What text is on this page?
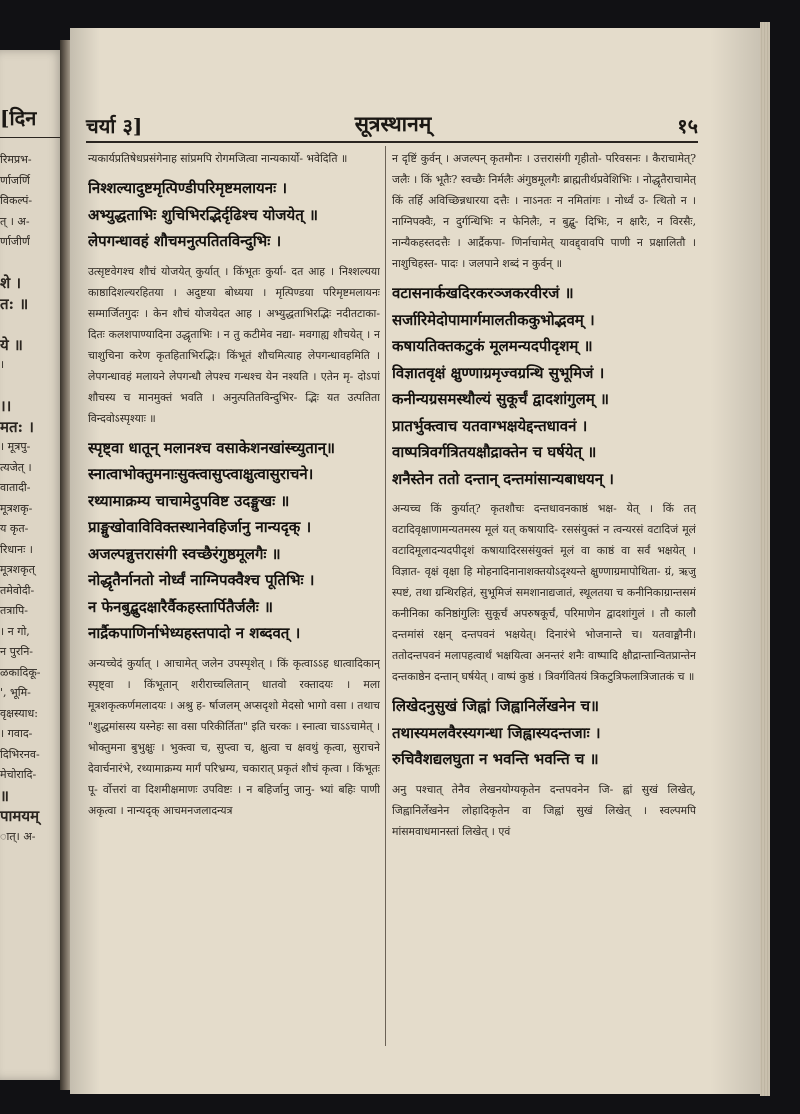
[दिन
रिमप्रभ-
र्णाजर्णि
विकल्पं-
त् । अ-
र्णाजीर्णं
शे ।
त: ॥
ये ॥
।
।।
मत: ।
। मूत्रपु-
त्यजेत् ।
वातादी-
मूत्रशकृ-
य कृत-
रिधानः ।
मूत्रशकृत्
तमेवोदी-
तत्रापि-
। न गो,
न पुरनि-
ळकादिकू-
', भूमि-
वृक्षस्याध:
। गवाद-
दिभिरनव-
मेचोरादि-
॥
पामयम्
ात्। अ-
चर्या ३]	सूत्रस्थानम्	१५

न्यकार्यप्रतिषेधप्रसंगेनाह सांप्रमपि रोगमजित्वा नान्यकार्यो- भवेदिति ॥

निश्शल्यादुष्टमृत्पिण्डीपरिमृष्टमलायनः ।
अभ्युद्धताभिः शुचिभिरद्भिर्दृढिश्च योजयेत् ॥
लेपगन्धावहं शौचमनुत्पतितविन्दुभिः ।

उत्सृष्टवेगश्च शौचं योजयेत् कुर्यात् । किंभूतः कुर्या- दत आह । निश्शल्यया काष्ठादिशल्यरहितया । अदुष्टया बोध्यया । मृत्पिण्डया परिमृष्टमलायनः सम्मार्जितगुदः । केन शौचं योजयेदत आह । अभ्युद्धताभिरद्भिः नदीतटाका- दितः कलशपाण्यादिना उद्धृताभिः । न तु कटीमेव नद्या- मवगाह्य शौचयेत् । न चाशुचिना करेण कृतहिताभिरद्भिः। किंभूतं शौचमित्याह लेपगन्धावहमिति । लेपगन्धावहं मलायने लेपगन्धौ लेपश्च गन्धश्च येन नश्यति । एतेन मृ- दोऽपां शौचस्य च मानमुक्तं भवति । अनुत्पतितविन्दुभिर- द्भिः यत उत्पतिता विन्दवोऽस्पृश्याः ॥

स्पृष्ट्वा धातून् मलानश्च वसाकेशनखांस्च्युतान्॥
स्नात्वाभोक्तुमनाःसुक्त्वासुप्त्वाक्षुत्वासुराचने।
रथ्यामाक्रम्य चाचामेदुपविष्ट उदङ्मुखः ॥
प्राङ्मुखोवाविविक्तस्थानेवहिर्जानु नान्यदृक् ।
अजल्पन्नुत्तरासंगी स्वच्छैरंगुष्ठमूलगैः ॥
नोद्धृतैर्नानतो नोर्ध्वं नाग्निपक्वैश्च पूतिभिः ।
न फेनबुद्बुदक्षारैर्वैकहस्तार्पितैर्जलैः ॥
नार्द्रैकपाणिर्नाभेध्यहस्तपादो न शब्दवत् ।

अन्यच्चेदं कुर्यात् । आचामेत् जलेन उपस्पृशेत् । किं कृत्वाऽऽह धात्वादिकान् स्पृष्ट्वा । किंभूतान् शरीराच्चलितान् धातवो रक्तादयः । मला मूत्रशकृत्कर्णमलादयः । अश्रु ह- र्षाजलम् अप्सदृशो मेदसो भागो वसा । तथाच "शुद्धमांसस्य यस्नेहः सा वसा परिकीर्तिता" इति चरकः । स्नात्वा चाऽऽचामेत् । भोक्तुमना बुभुक्षुः । भुक्त्वा च, सुप्त्वा च, क्षुत्वा च क्षवथुं कृत्वा, सुराचने देवार्चनारंभे, रथ्यामाक्रम्य मार्गं परिभ्रम्य, चकारात् प्रकृतं शौचं कृत्वा । किंभूतः पू- र्वोत्तरां वा दिशमीक्षमाणः उपविष्टः । न बहिर्जानु जानु- भ्यां बहिः पाणी अकृत्वा । नान्यदृक् आचमनजलादन्यत्र

न दृष्टिं कुर्वन् । अजल्पन् कृतमौनः । उत्तरासंगी गृहीतो- परिवसनः । कैराचामेत्? जलैः । किं भूतैः? स्वच्छैः निर्मलैः अंगुष्ठमूलगैः ब्राह्मतीर्थप्रवेशिभिः । नोद्धृतैराचामेत् किं तर्हि अविच्छिन्नधारया दत्तैः । नाऽनतः न नमितांगः । नोर्ध्वं उ- त्थितो न । नाग्निपक्वैः, न दुर्गन्धिभिः न फेनिलैः, न बुद्बु- दिभिः, न क्षारैः, न विरसैः, नान्यैकहस्तदत्तैः । आर्द्रैकपा- णिर्नाचामेत् यावद्द्वावपि पाणी न प्रक्षालितौ । नाशुचिहस्त- पादः । जलपाने शब्दं न कुर्वन् ॥

वटासनार्कखदिरकरञ्जकरवीरजं ॥
सर्जारिमेदाेपामार्गमालतीककुभोद्भवम् ।
कषायतिक्तकटुकं मूलमन्यदपीदृशम् ॥
विज्ञातवृक्षं क्षुण्णाग्रमृज्वग्रन्थि सुभूमिजं ।
कनीन्यग्रसमस्थौल्यं सुकूर्चं द्वादशांगुलम् ॥
प्रातर्भुक्त्वाच यतवाग्भक्षयेद्दन्तधावनं ।
वाष्पत्रिवर्गत्रितयक्षौद्राक्तेन च घर्षयेत् ॥
शनैस्तेन ततो दन्तान् दन्तमांसान्यबाधयन् ।

अन्यच्च किं कुर्यात्? कृतशौचः दन्तधावनकाष्ठं भक्ष- येत् । किं तत् वटादिवृक्षाणामन्यतमस्य मूलं यत् कषायादि- रससंयुक्तं न त्वन्यरसं वटादिजं मूलं वटादिमूलादन्यदपीदृशं कषायादिरससंयुक्तं मूलं वा काष्ठं वा सर्वं भक्षयेत् । विज्ञात- वृक्षं वृक्षा हि मोहनादिनानाशक्तयोऽदृश्यन्ते क्षुण्णाग्रमापोथिता- ग्रं, ऋजु स्पष्टं, तथा ग्रन्थिरहितं, सुभूमिजं समशानाद्यजातं, स्थूलतया च कनीनिकाग्रान्तसमं कनीनिका कनिष्ठांगुलिः सुकूर्चं अपरुषकूर्चं, परिमाणेन द्वादशांगुलं । तौ कालौ दन्तमांसं रक्षन् दन्तपवनं भक्षयेत्। दिनारंभे भोजनान्ते च। यतवाङ्मौनी। ततोदन्तपवनं मलापहत्वार्थं भक्षयित्वा अनन्तरं शनैः वाष्पादि क्षौद्रान्तान्वितप्रान्तेन दन्तकाष्ठेन दन्तान् घर्षयेत् । वाष्पं कुष्ठं । त्रिवर्गवितयं त्रिकटुत्रिफलात्रिजातकं च ॥

लिखेदनुसुखं जिह्वां जिह्वानिर्लेखनेन च॥
तथास्यमलवैरस्यगन्धा जिह्वास्यदन्तजाः ।
रुचिवैशद्यलघुता न भवन्ति भवन्ति च ॥

अनु पश्चात् तेनैव लेखनयोग्यकृतेन दन्तपवनेन जि- ह्वां सुखं लिखेत्, जिह्वानिर्लेखनेन लोहादिकृतेन वा जिह्वां सुखं लिखेत् । स्वल्पमपि मांसमवाधमानस्तां लिखेत् । एवं
